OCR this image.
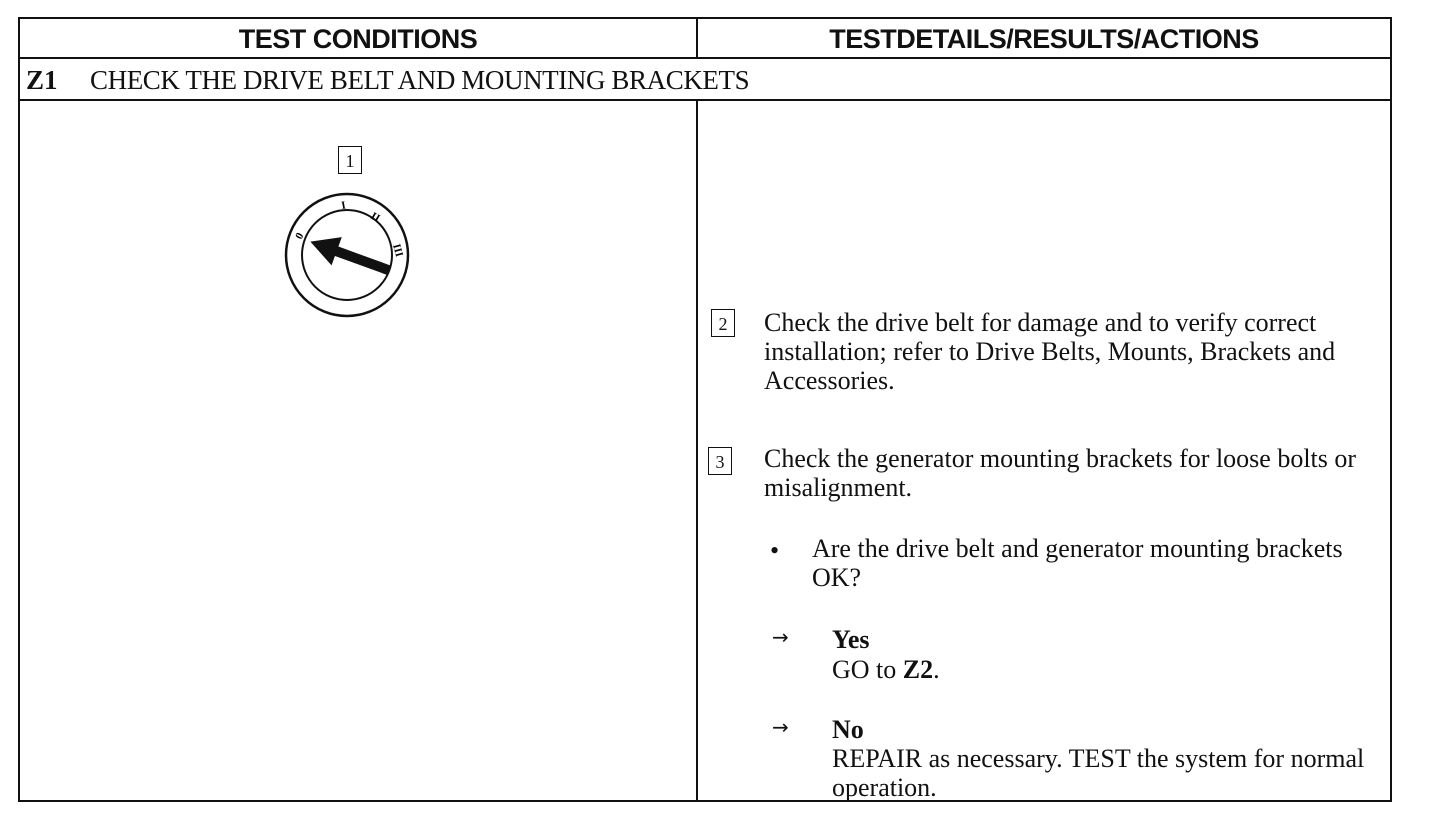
TEST CONDITIONS	TESTDETAILS/RESULTS/ACTIONS
Z1 CHECK THE DRIVE BELT AND MOUNTING BRACKETS
1
0
I
II
III
2 Check the drive belt for damage and to verify correct installation; refer to Drive Belts, Mounts, Brackets and Accessories.
3 Check the generator mounting brackets for loose bolts or misalignment.
• Are the drive belt and generator mounting brackets OK?
→ Yes
GO to Z2.
→ No
REPAIR as necessary. TEST the system for normal operation.
